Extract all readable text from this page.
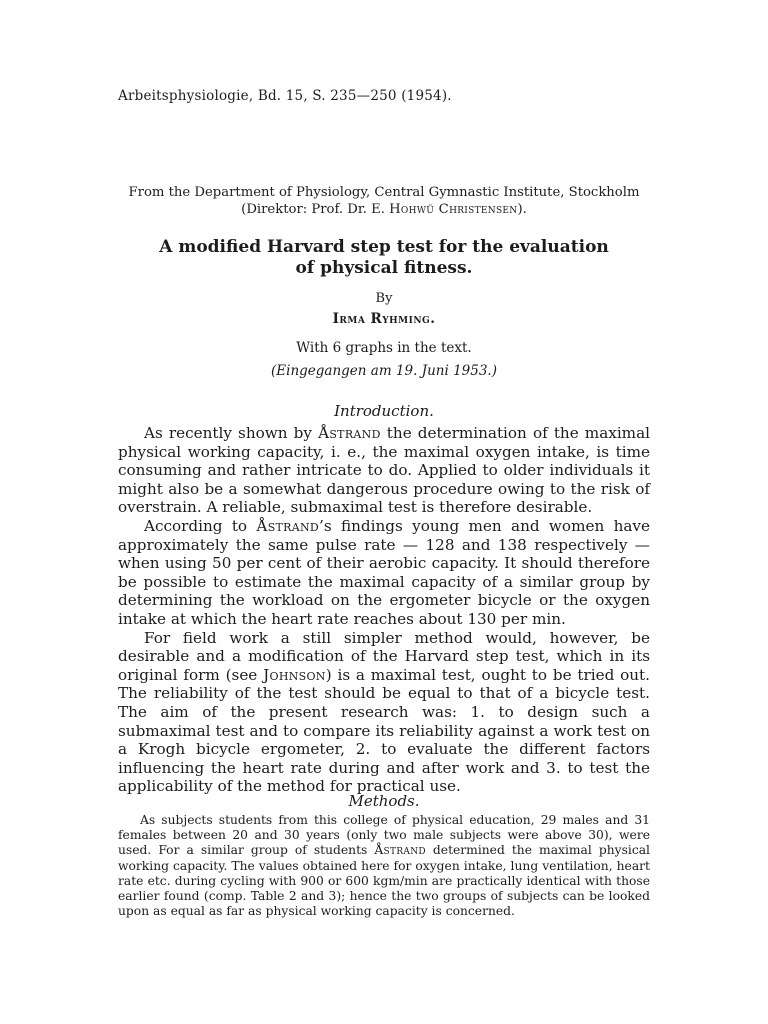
Arbeitsphysiologie, Bd. 15, S. 235—250 (1954).
From the Department of Physiology, Central Gymnastic Institute, Stockholm
(Direktor: Prof. Dr. E. Hohwü Christensen).
A modified Harvard step test for the evaluation
of physical fitness.
By
Irma Ryhming.
With 6 graphs in the text.
(Eingegangen am 19. Juni 1953.)
Introduction.

As recently shown by Åstrand the determination of the maximal physical working capacity, i. e., the maximal oxygen intake, is time consuming and rather intricate to do. Applied to older individuals it might also be a somewhat dangerous procedure owing to the risk of overstrain. A reliable, submaximal test is therefore desirable.

According to Åstrand’s findings young men and women have approximately the same pulse rate — 128 and 138 respectively — when using 50 per cent of their aerobic capacity. It should therefore be possible to estimate the maximal capacity of a similar group by determining the workload on the ergometer bicycle or the oxygen intake at which the heart rate reaches about 130 per min.

For field work a still simpler method would, however, be desirable and a modification of the Harvard step test, which in its original form (see Johnson) is a maximal test, ought to be tried out. The reliability of the test should be equal to that of a bicycle test. The aim of the present research was: 1. to design such a submaximal test and to compare its reliability against a work test on a Krogh bicycle ergometer, 2. to evaluate the different factors influencing the heart rate during and after work and 3. to test the applicability of the method for practical use.

Methods.

As subjects students from this college of physical education, 29 males and 31 females between 20 and 30 years (only two male subjects were above 30), were used. For a similar group of students Åstrand determined the maximal physical working capacity. The values obtained here for oxygen intake, lung ventilation, heart rate etc. during cycling with 900 or 600 kgm/min are practically identical with those earlier found (comp. Table 2 and 3); hence the two groups of subjects can be looked upon as equal as far as physical working capacity is concerned.
